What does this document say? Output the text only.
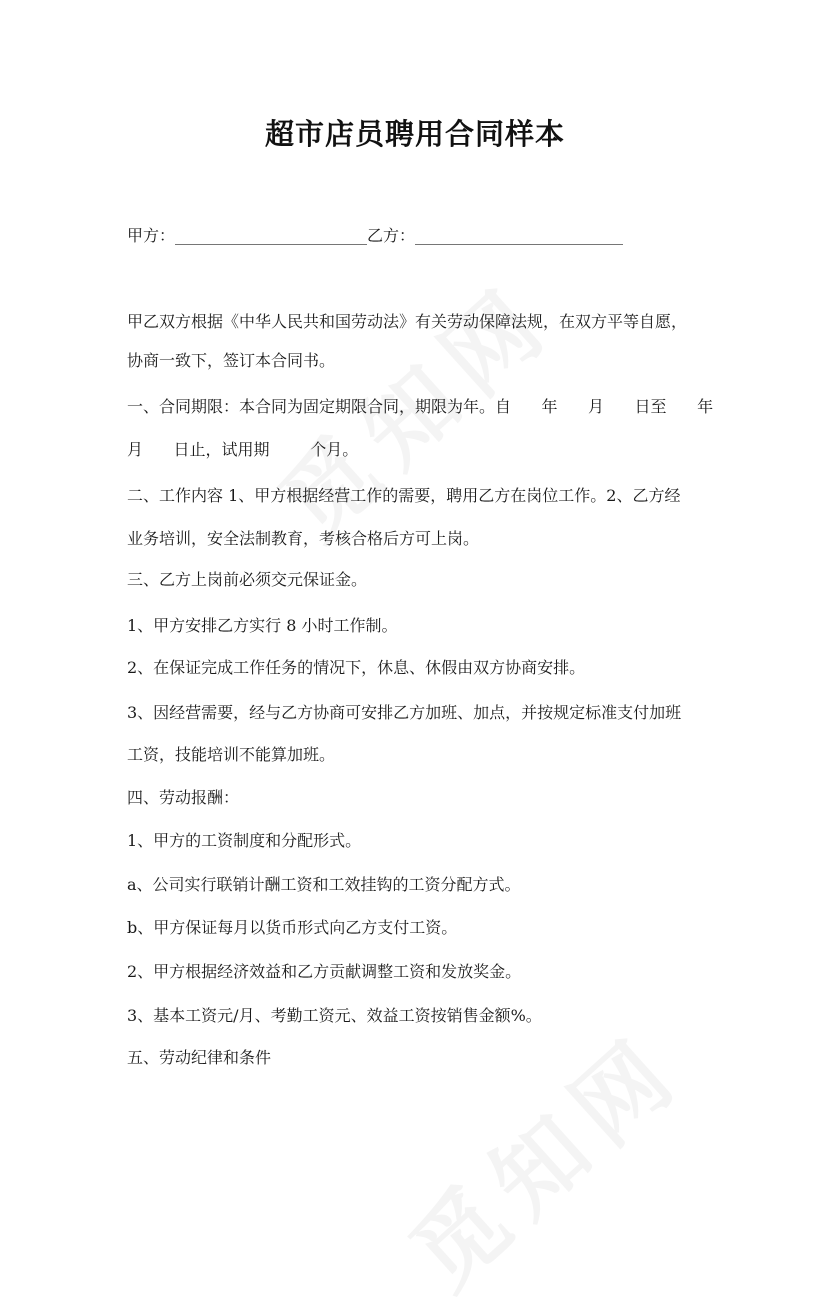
超市店员聘用合同样本
甲方：________________________乙方：__________________________
甲乙双方根据《中华人民共和国劳动法》有关劳动保障法规，在双方平等自愿，
协商一致下，签订本合同书。
一、合同期限：本合同为固定期限合同，期限为年。自      年      月      日至      年
月      日止，试用期        个月。
二、工作内容 1、甲方根据经营工作的需要，聘用乙方在岗位工作。2、乙方经
业务培训，安全法制教育，考核合格后方可上岗。
三、乙方上岗前必须交元保证金。
1、甲方安排乙方实行 8 小时工作制。
2、在保证完成工作任务的情况下，休息、休假由双方协商安排。
3、因经营需要，经与乙方协商可安排乙方加班、加点，并按规定标准支付加班
工资，技能培训不能算加班。
四、劳动报酬：
1、甲方的工资制度和分配形式。
a、公司实行联销计酬工资和工效挂钩的工资分配方式。
b、甲方保证每月以货币形式向乙方支付工资。
2、甲方根据经济效益和乙方贡献调整工资和发放奖金。
3、基本工资元/月、考勤工资元、效益工资按销售金额%。
五、劳动纪律和条件
